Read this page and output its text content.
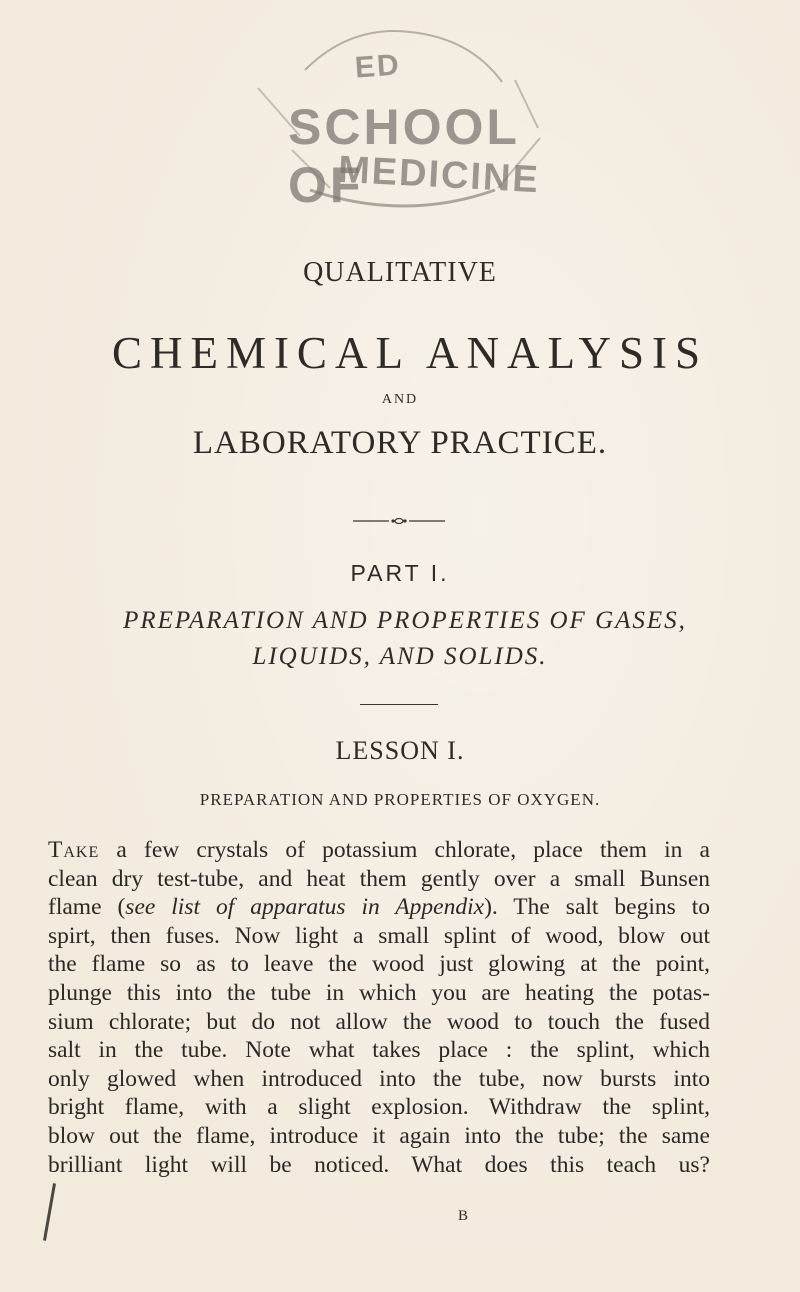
ED
SCHOOL OF
MEDICINE
QUALITATIVE
CHEMICAL ANALYSIS
AND
LABORATORY PRACTICE.
PART I.
PREPARATION AND PROPERTIES OF GASES,
LIQUIDS, AND SOLIDS.
LESSON I.
PREPARATION AND PROPERTIES OF OXYGEN.
Take a few crystals of potassium chlorate, place them in a
clean dry test-tube, and heat them gently over a small Bunsen
flame (see list of apparatus in Appendix). The salt begins to
spirt, then fuses. Now light a small splint of wood, blow out
the flame so as to leave the wood just glowing at the point,
plunge this into the tube in which you are heating the potas-
sium chlorate; but do not allow the wood to touch the fused
salt in the tube. Note what takes place : the splint, which
only glowed when introduced into the tube, now bursts into
bright flame, with a slight explosion. Withdraw the splint,
blow out the flame, introduce it again into the tube; the same
brilliant light will be noticed. What does this teach us?
B
